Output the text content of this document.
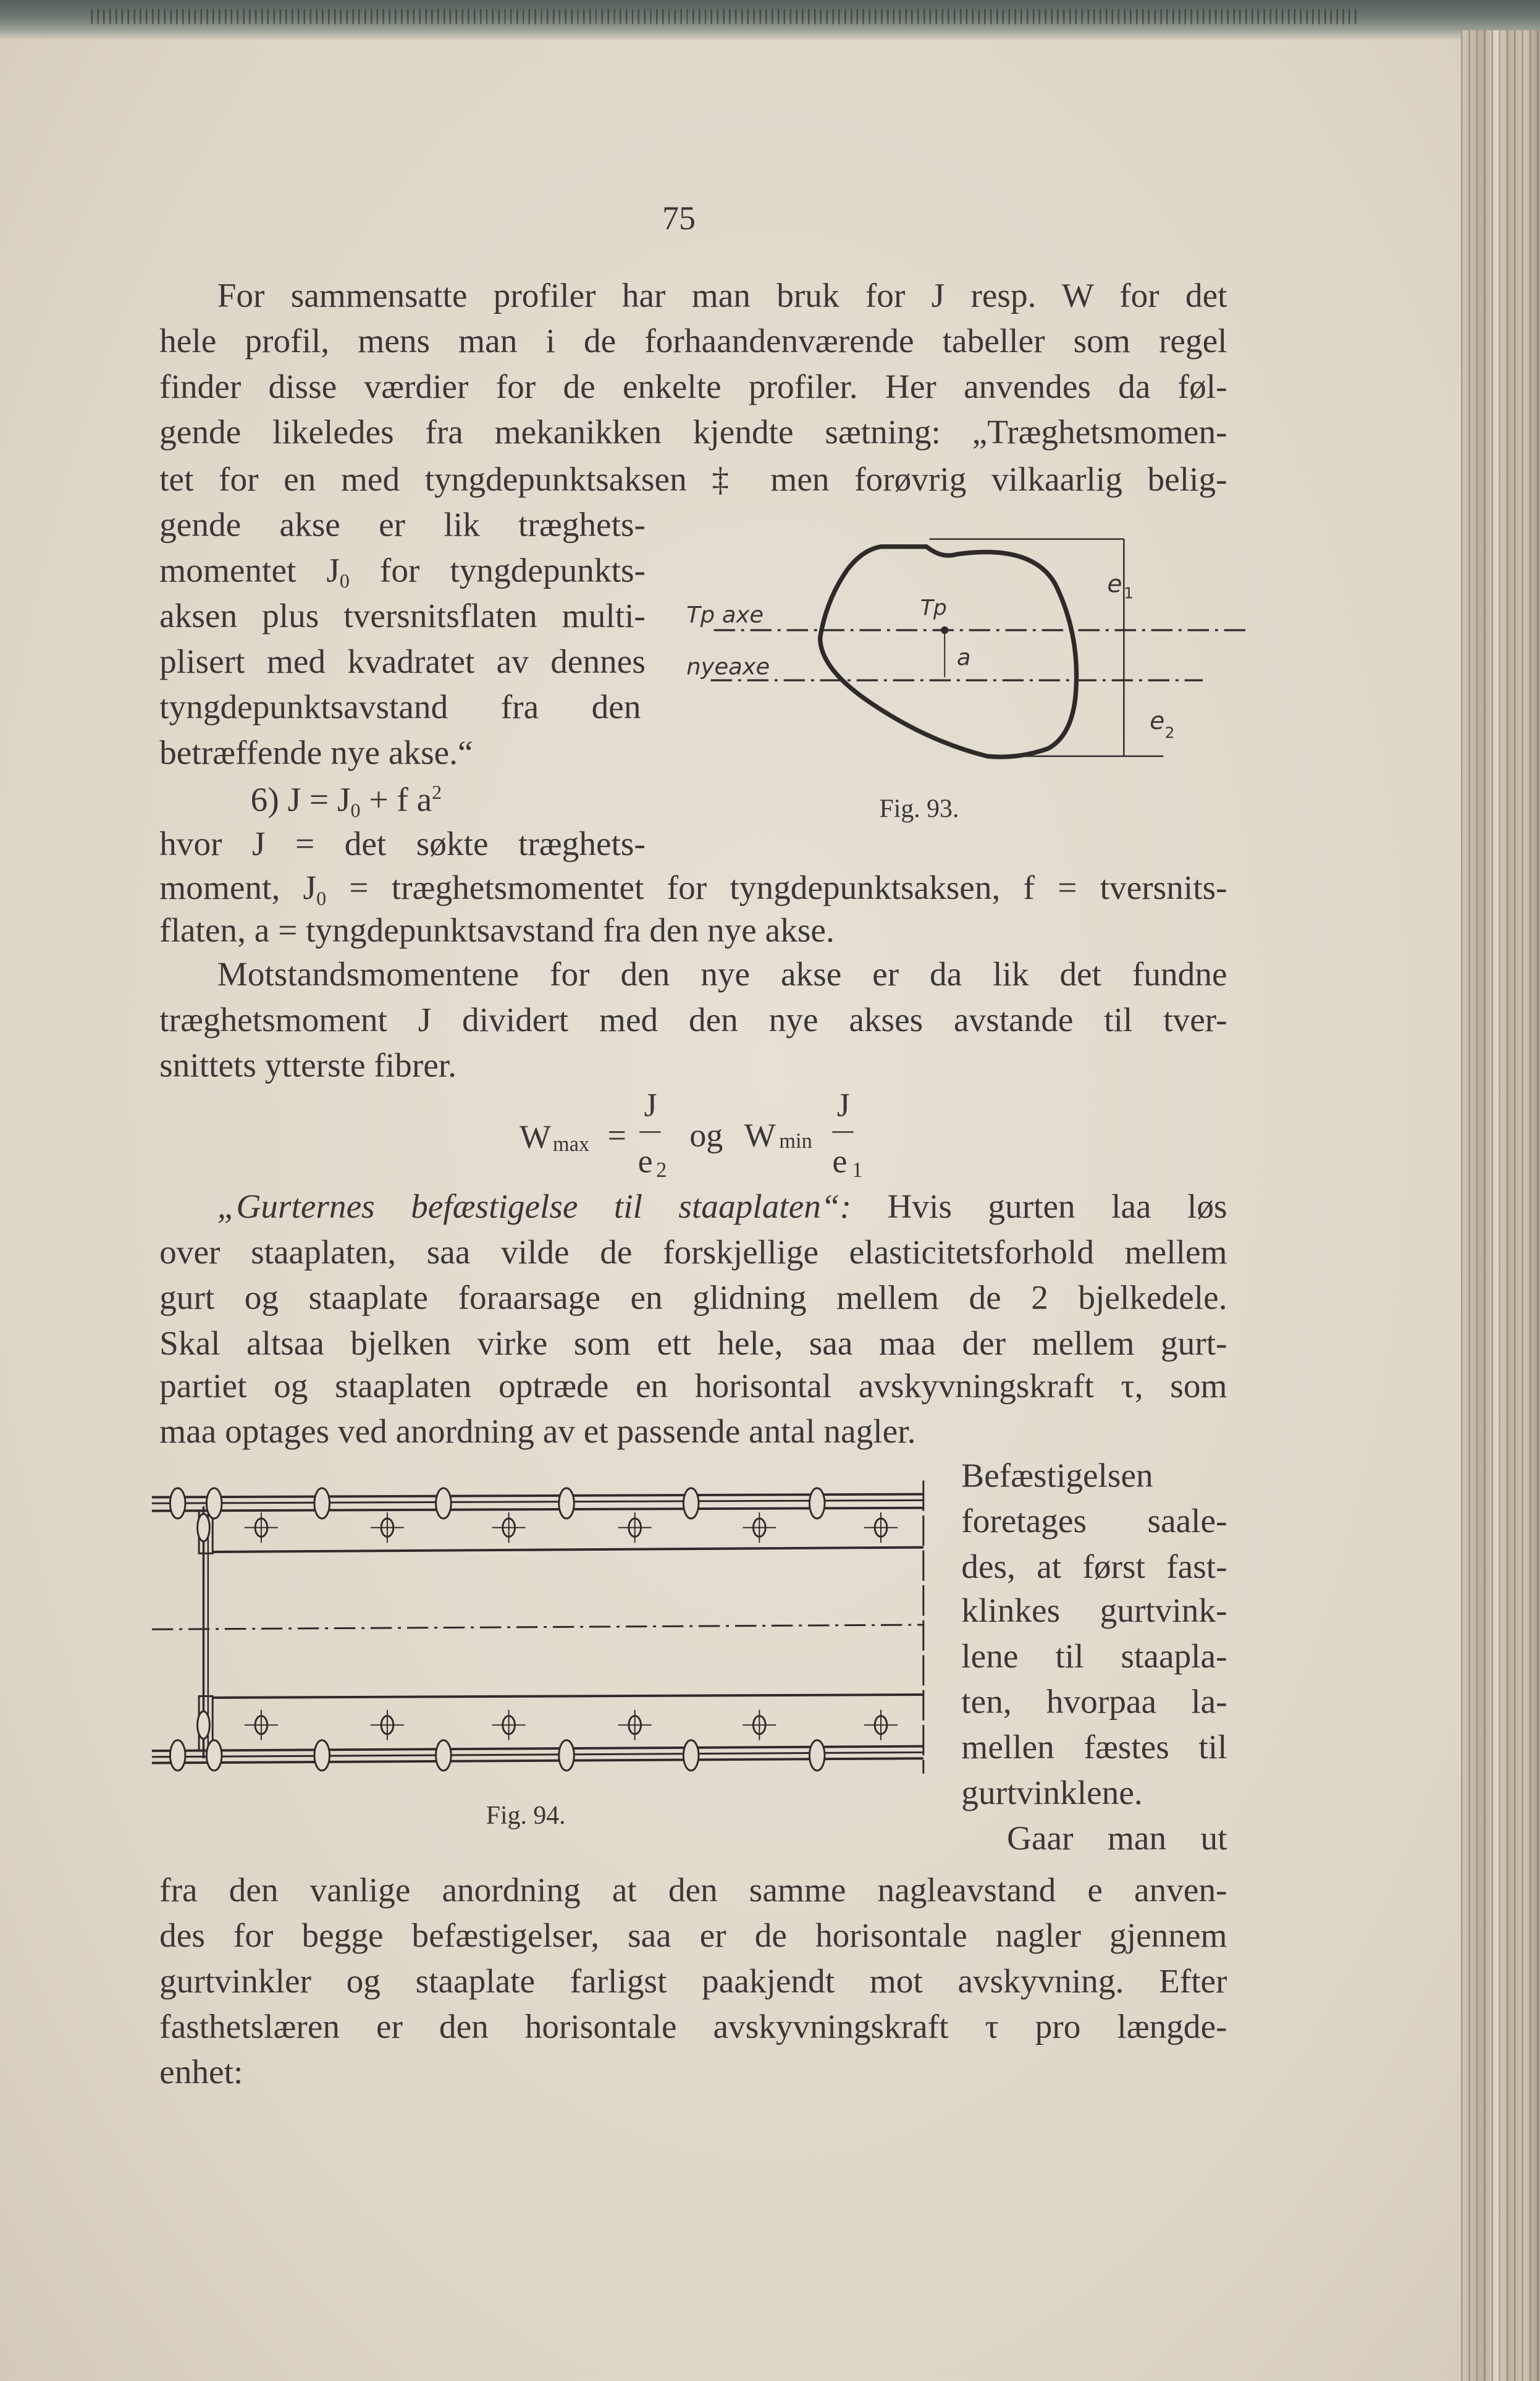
75
For sammensatte profiler har man bruk for J resp. W for det
hele profil, mens man i de forhaandenværende tabeller som regel
finder disse værdier for de enkelte profiler. Her anvendes da føl-
gende likeledes fra mekanikken kjendte sætning: „Træghetsmomen-
tet for en med tyngdepunktsaksen ‡ men forøvrig vilkaarlig belig-
gende akse er lik træghets-
momentet $J_0$ for tyngdepunkts-
aksen plus tversnitsflaten multi-
plisert med kvadratet av dennes
tyngdepunktsavstand fra den
betræffende nye akse.“
6) $J = J_0 + f$ $a^2$
hvor J = det søkte træghets-
moment, $J_0$ = træghetsmomentet for tyngdepunktsaksen, f = tversnits-
flaten, a = tyngdepunktsavstand fra den nye akse.
Motstandsmomentene for den nye akse er da lik det fundne
træghetsmoment J dividert med den nye akses avstande til tver-
snittets ytterste fibrer.
„Gurternes befæstigelse til staaplaten“: Hvis gurten laa løs
over staaplaten, saa vilde de forskjellige elasticitetsforhold mellem
gurt og staaplate foraarsage en glidning mellem de 2 bjelkedele.
Skal altsaa bjelken virke som ett hele, saa maa der mellem gurt-
partiet og staaplaten optræde en horisontal avskyvningskraft τ, som
maa optages ved anordning av et passende antal nagler.
Befæstigelsen
foretages saale-
des, at først fast-
klinkes gurtvink-
lene til staapla-
ten, hvorpaa la-
mellen fæstes til
gurtvinklene.
Gaar man ut
fra den vanlige anordning at den samme nagleavstand e anven-
des for begge befæstigelser, saa er de horisontale nagler gjennem
gurtvinkler og staaplate farligst paakjendt mot avskyvning. Efter
fasthetslæren er den horisontale avskyvningskraft τ pro længde-
enhet:
W max =
J
e 2
og W min
J
e 1
Tp axe
nyeaxe
Tp
a
e 1
e 2
Fig. 93.
Fig. 94.
